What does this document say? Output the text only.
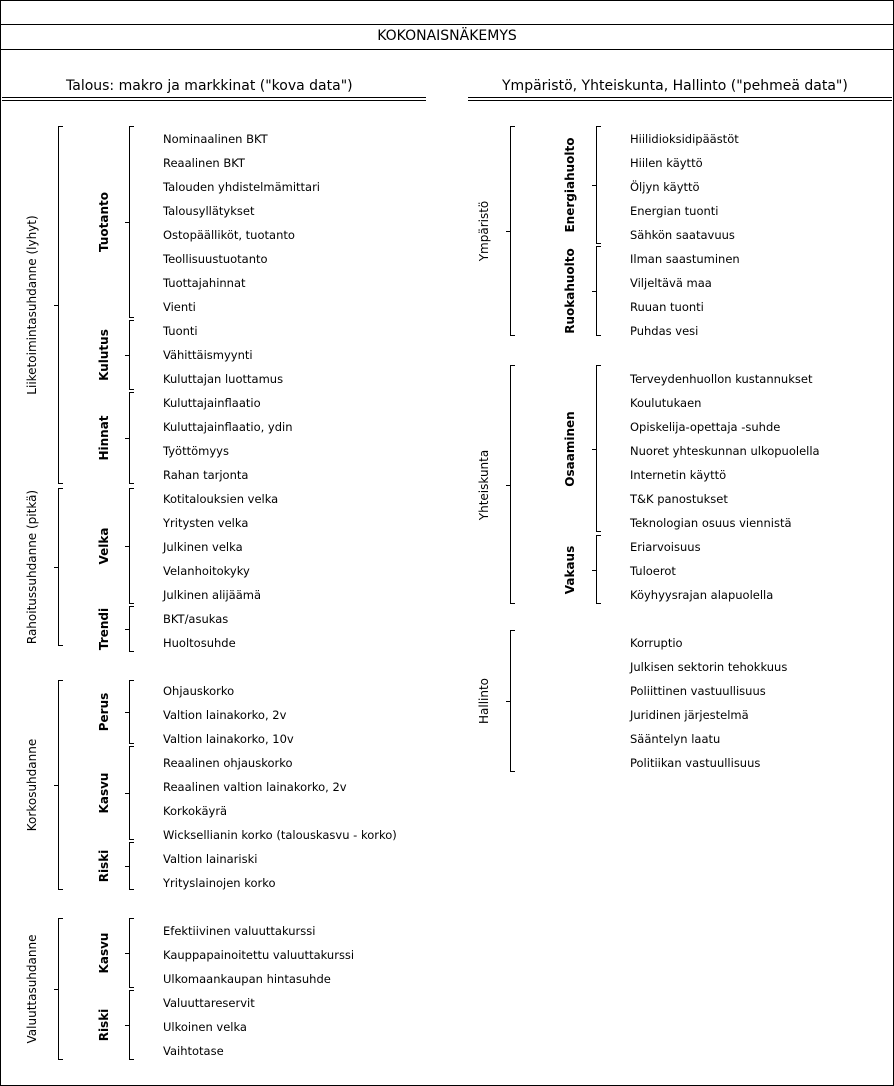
KOKONAISNÄKEMYS
Talous: makro ja markkinat ("kova data")	Ympäristö, Yhteiskunta, Hallinto ("pehmeä data")
Nominaalinen BKT
Reaalinen BKT
Talouden yhdistelmämittari
Talousyllätykset
Ostopäälliköt, tuotanto
Teollisuustuotanto
Tuottajahinnat
Vienti
Tuonti
Vähittäismyynti
Kuluttajan luottamus
Kuluttajainflaatio
Kuluttajainflaatio, ydin
Työttömyys
Rahan tarjonta
Kotitalouksien velka
Yritysten velka
Julkinen velka
Velanhoitokyky
Julkinen alijäämä
BKT/asukas
Huoltosuhde
Ohjauskorko
Valtion lainakorko, 2v
Valtion lainakorko, 10v
Reaalinen ohjauskorko
Reaalinen valtion lainakorko, 2v
Korkokäyrä
Wicksellianin korko (talouskasvu - korko)
Valtion lainariski
Yrityslainojen korko
Efektiivinen valuuttakurssi
Kauppapainoitettu valuuttakurssi
Ulkomaankaupan hintasuhde
Valuuttareservit
Ulkoinen velka
Vaihtotase
Hiilidioksidipäästöt
Hiilen käyttö
Öljyn käyttö
Energian tuonti
Sähkön saatavuus
Ilman saastuminen
Viljeltävä maa
Ruuan tuonti
Puhdas vesi
Terveydenhuollon kustannukset
Koulutukaen
Opiskelija-opettaja -suhde
Nuoret yhteskunnan ulkopuolella
Internetin käyttö
T&K panostukset
Teknologian osuus viennistä
Eriarvoisuus
Tuloerot
Köyhyysrajan alapuolella
Korruptio
Julkisen sektorin tehokkuus
Poliittinen vastuullisuus
Juridinen järjestelmä
Sääntelyn laatu
Politiikan vastuullisuus
Liiketoimintasuhdanne (lyhyt)
Rahoitussuhdanne (pitkä)
Korkosuhdanne
Valuuttasuhdanne
Tuotanto
Kulutus
Hinnat
Velka
Trendi
Perus
Kasvu
Riski
Kasvu
Riski
Ympäristö
Yhteiskunta
Hallinto
Energiahuolto
Ruokahuolto
Osaaminen
Vakaus
